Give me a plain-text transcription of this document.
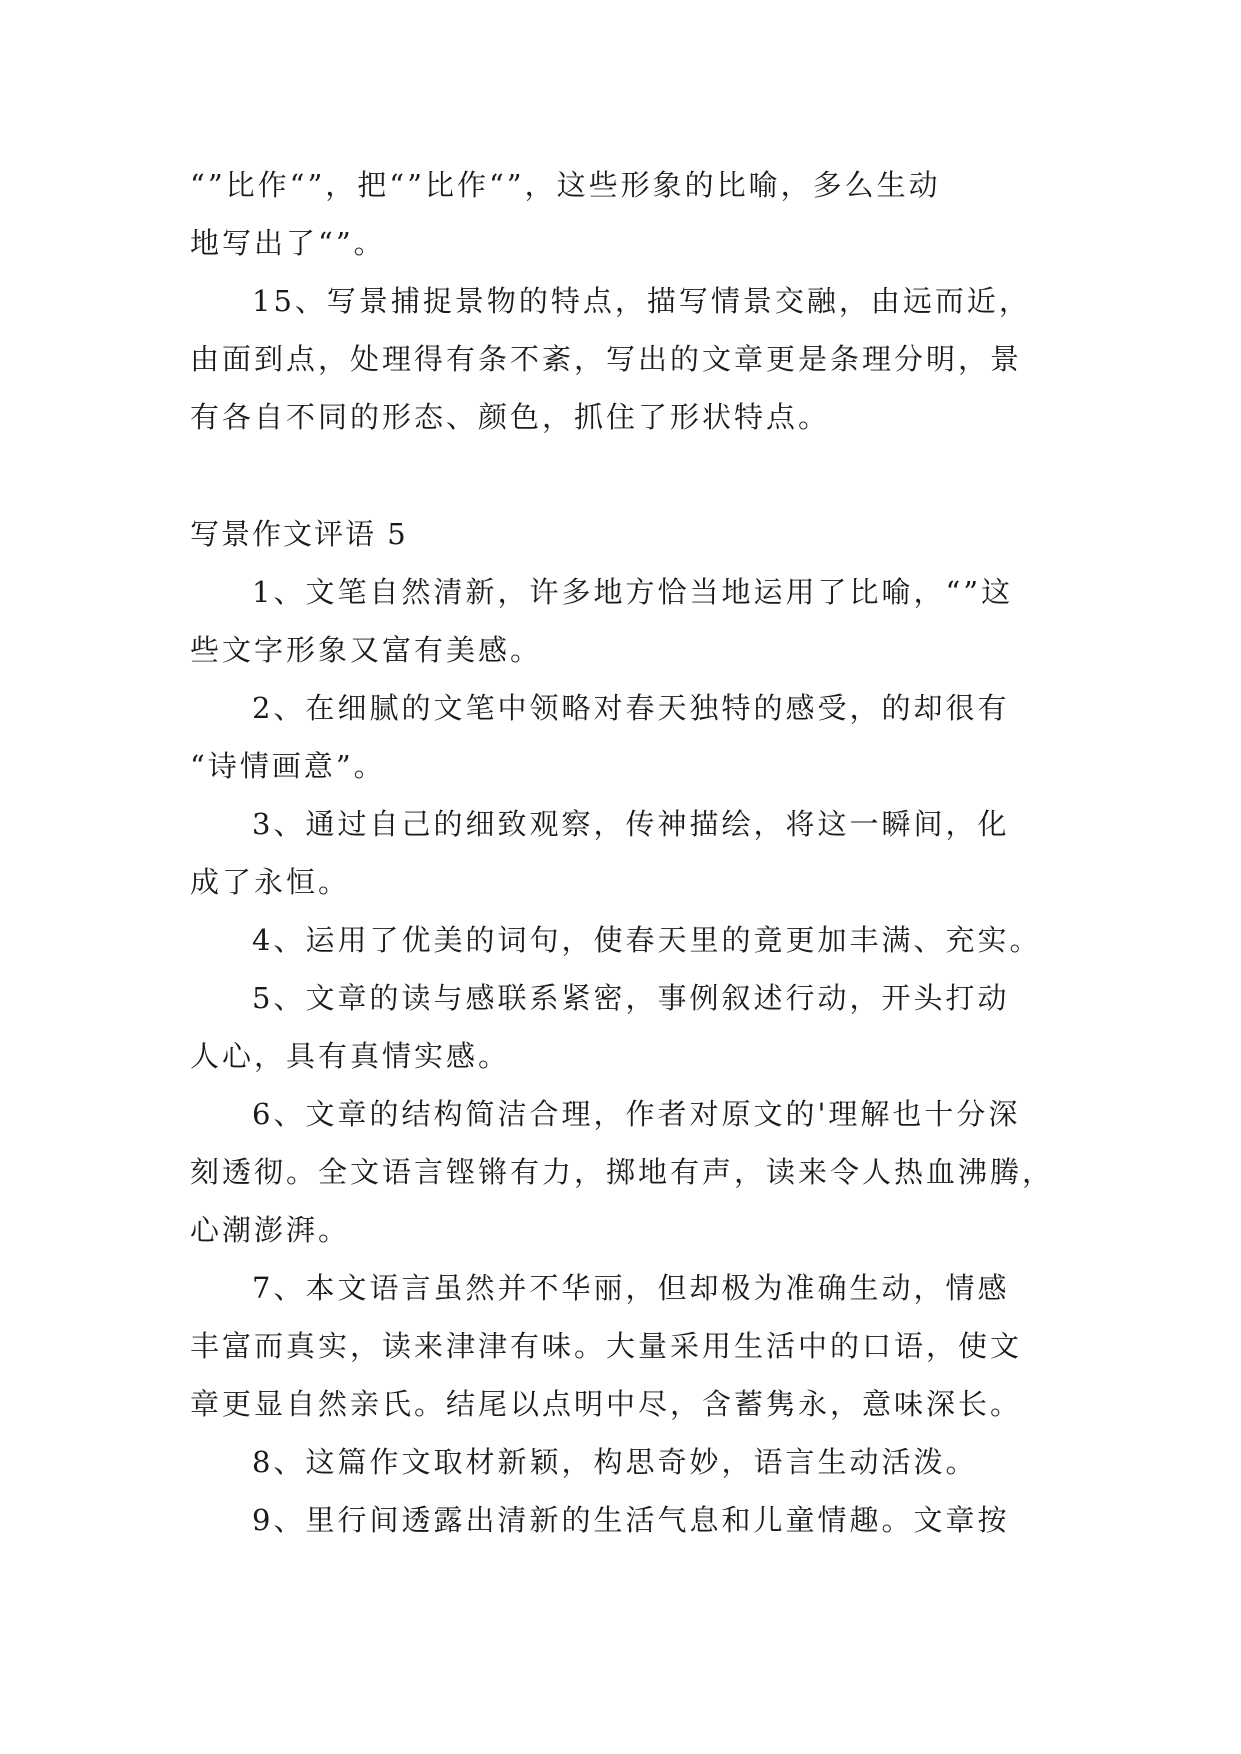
“”比作“”，把“”比作“”，这些形象的比喻，多么生动
地写出了“”。

15、写景捕捉景物的特点，描写情景交融，由远而近，
由面到点，处理得有条不紊，写出的文章更是条理分明，景
有各自不同的形态、颜色，抓住了形状特点。

写景作文评语 5

1、文笔自然清新，许多地方恰当地运用了比喻，“”这
些文字形象又富有美感。

2、在细腻的文笔中领略对春天独特的感受，的却很有
“诗情画意”。

3、通过自己的细致观察，传神描绘，将这一瞬间，化
成了永恒。

4、运用了优美的词句，使春天里的竟更加丰满、充实。

5、文章的读与感联系紧密，事例叙述行动，开头打动
人心，具有真情实感。

6、文章的结构简洁合理，作者对原文的'理解也十分深
刻透彻。全文语言铿锵有力，掷地有声，读来令人热血沸腾，
心潮澎湃。

7、本文语言虽然并不华丽，但却极为准确生动，情感
丰富而真实，读来津津有味。大量采用生活中的口语，使文
章更显自然亲氏。结尾以点明中尽，含蓄隽永，意味深长。

8、这篇作文取材新颖，构思奇妙，语言生动活泼。

9、里行间透露出清新的生活气息和儿童情趣。文章按
